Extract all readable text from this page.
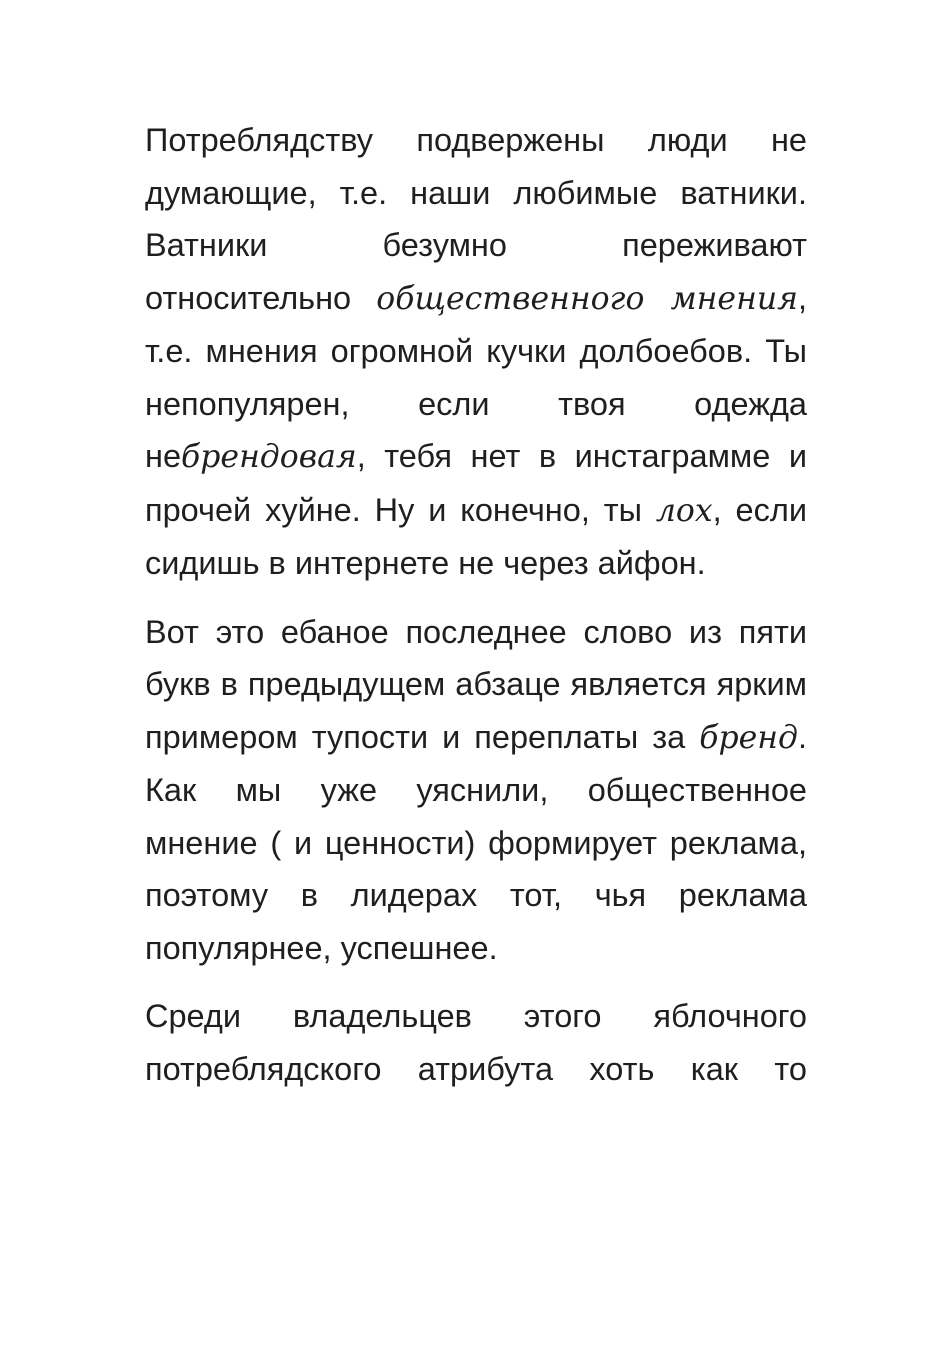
Потреблядству подвержены люди не думающие, т.е. наши любимые ватники. Ватники безумно переживают относительно общественного мнения, т.е. мнения огромной кучки долбоебов. Ты непопулярен, если твоя одежда небрендовая, тебя нет в инстаграмме и прочей хуйне. Ну и конечно, ты лох, если сидишь в интернете не через айфон.

Вот это ебаное последнее слово из пяти букв в предыдущем абзаце является ярким примером тупости и переплаты за бренд. Как мы уже уяснили, общественное мнение ( и ценности) формирует реклама, поэтому в лидерах тот, чья реклама популярнее, успешнее.

Среди владельцев этого яблочного потреблядского атрибута хоть как то
